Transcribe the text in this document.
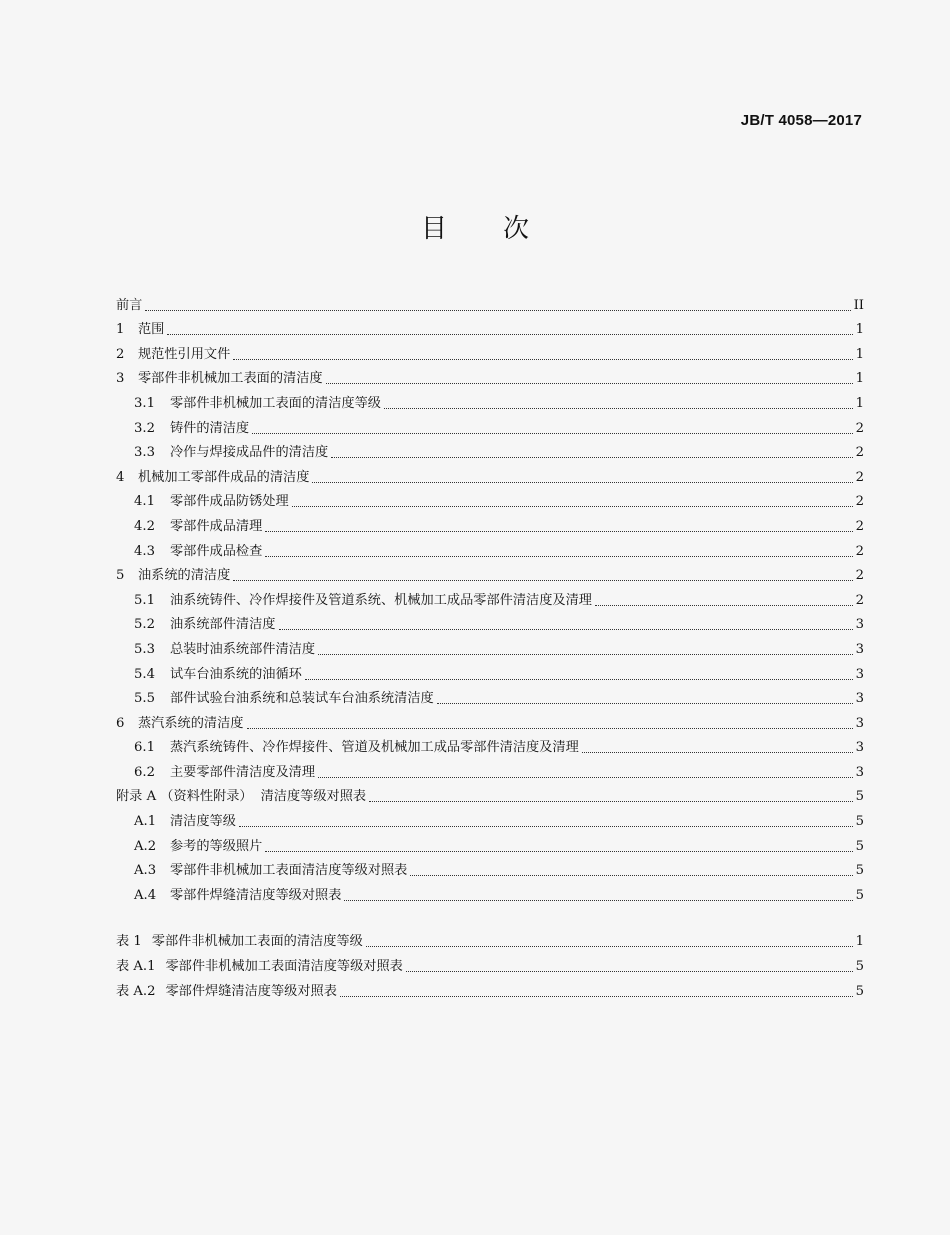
JB/T 4058—2017
目次
前言	II
1	范围	1
2	规范性引用文件	1
3	零部件非机械加工表面的清洁度	1
3.1	零部件非机械加工表面的清洁度等级	1
3.2	铸件的清洁度	2
3.3	冷作与焊接成品件的清洁度	2
4	机械加工零部件成品的清洁度	2
4.1	零部件成品防锈处理	2
4.2	零部件成品清理	2
4.3	零部件成品检查	2
5	油系统的清洁度	2
5.1	油系统铸件、冷作焊接件及管道系统、机械加工成品零部件清洁度及清理	2
5.2	油系统部件清洁度	3
5.3	总装时油系统部件清洁度	3
5.4	试车台油系统的油循环	3
5.5	部件试验台油系统和总装试车台油系统清洁度	3
6	蒸汽系统的清洁度	3
6.1	蒸汽系统铸件、冷作焊接件、管道及机械加工成品零部件清洁度及清理	3
6.2	主要零部件清洁度及清理	3
附录 A （资料性附录） 清洁度等级对照表	5
A.1	清洁度等级	5
A.2	参考的等级照片	5
A.3	零部件非机械加工表面清洁度等级对照表	5
A.4	零部件焊缝清洁度等级对照表	5
表 1 零部件非机械加工表面的清洁度等级	1
表 A.1 零部件非机械加工表面清洁度等级对照表	5
表 A.2 零部件焊缝清洁度等级对照表	5
